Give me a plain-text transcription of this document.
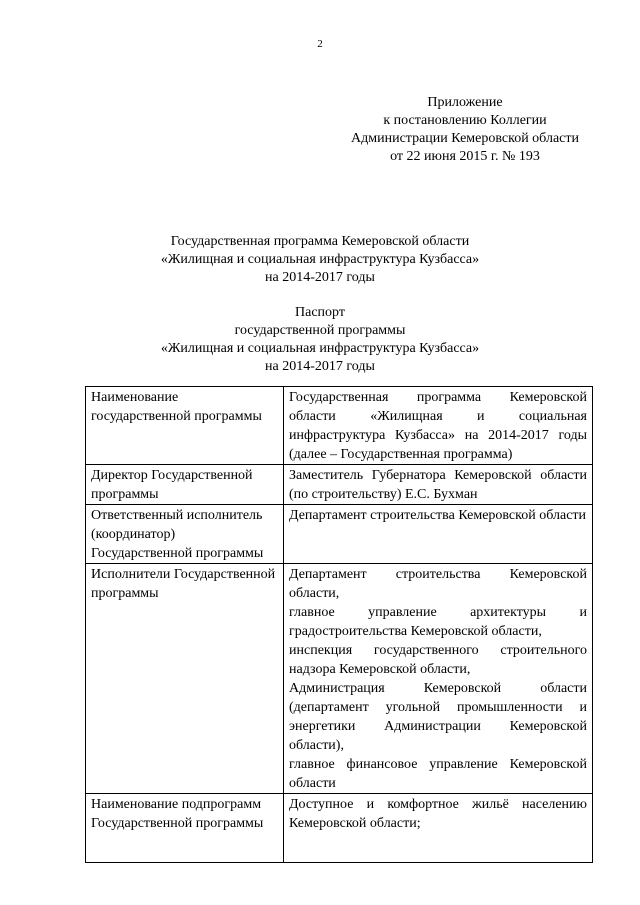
2
Приложение
к постановлению Коллегии
Администрации Кемеровской области
от 22 июня 2015 г. № 193
Государственная программа Кемеровской области
«Жилищная и социальная инфраструктура Кузбасса»
на 2014-2017 годы
Паспорт
государственной программы
«Жилищная и социальная инфраструктура Кузбасса»
на 2014-2017 годы
Наименование государственной программы	Государственная программа Кемеровской области «Жилищная и социальная инфраструктура Кузбасса» на 2014-2017 годы (далее – Государственная программа)

Директор Государственной программы	Заместитель Губернатора Кемеровской области (по строительству) Е.С. Бухман

Ответственный исполнитель (координатор) Государственной программы	Департамент строительства Кемеровской области

Исполнители Государственной программы	Департамент строительства Кемеровской области,
главное управление архитектуры и градостроительства Кемеровской области,
инспекция государственного строительного надзора Кемеровской области,
Администрация Кемеровской области (департамент угольной промышленности и энергетики Администрации Кемеровской области),
главное финансовое управление Кемеровской области

Наименование подпрограмм Государственной программы	Доступное и комфортное жильё населению Кемеровской области;
